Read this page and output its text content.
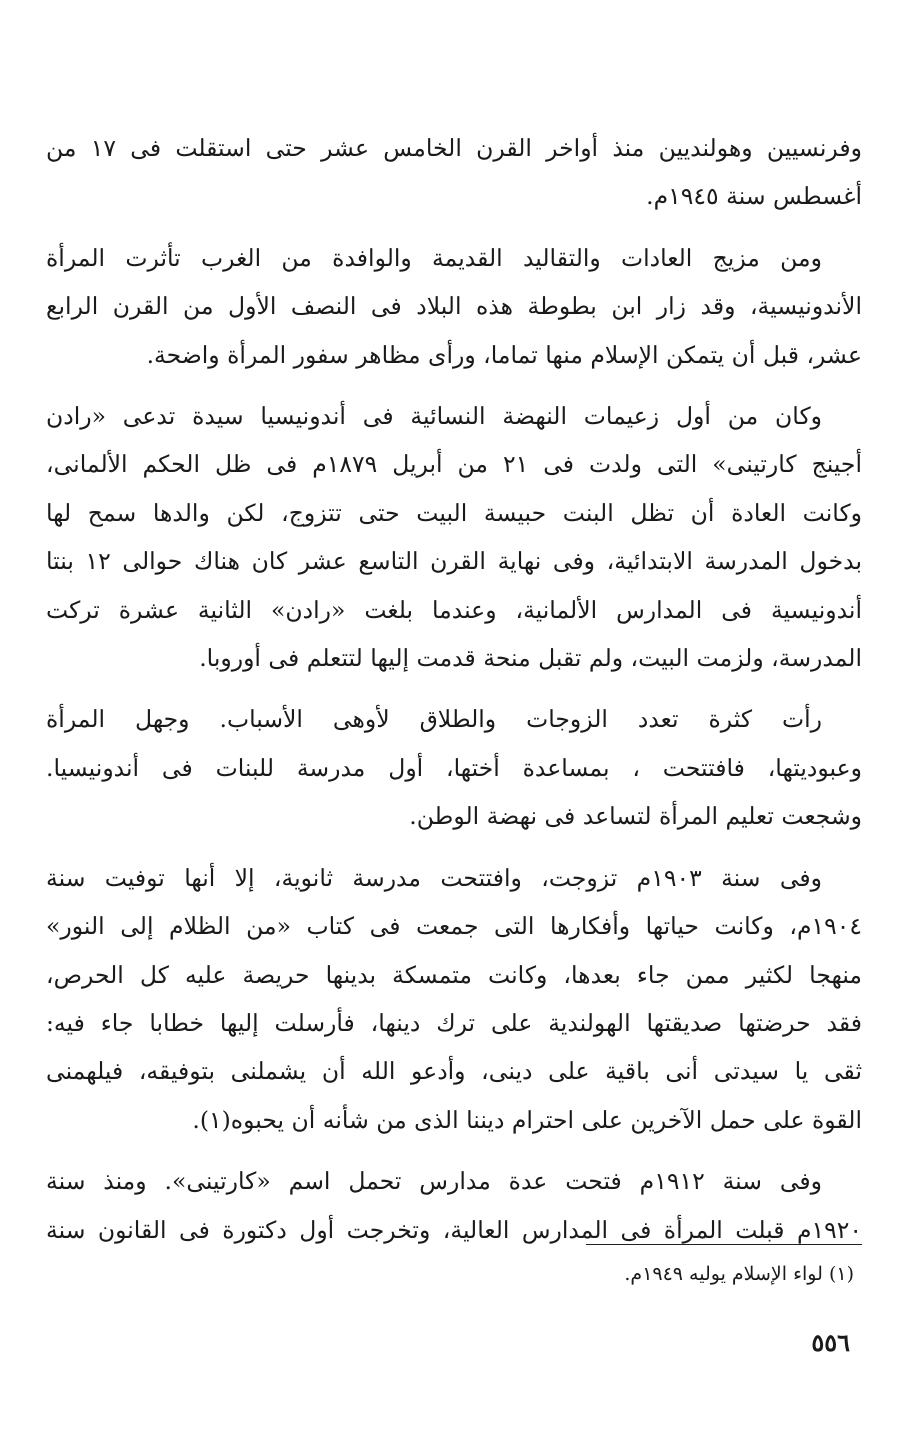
وفرنسيين وهولنديين منذ أواخر القرن الخامس عشر حتى استقلت فى ١٧ من
أغسطس سنة ١٩٤٥م.
ومن مزيج العادات والتقاليد القديمة والوافدة من الغرب تأثرت المرأة
الأندونيسية، وقد زار ابن بطوطة هذه البلاد فى النصف الأول من القرن الرابع
عشر، قبل أن يتمكن الإسلام منها تماما، ورأى مظاهر سفور المرأة واضحة.
وكان من أول زعيمات النهضة النسائية فى أندونيسيا سيدة تدعى «رادن
أجينج كارتينى» التى ولدت فى ٢١ من أبريل ١٨٧٩م فى ظل الحكم الألمانى،
وكانت العادة أن تظل البنت حبيسة البيت حتى تتزوج، لكن والدها سمح لها
بدخول المدرسة الابتدائية، وفى نهاية القرن التاسع عشر كان هناك حوالى ١٢ بنتا
أندونيسية فى المدارس الألمانية، وعندما بلغت «رادن» الثانية عشرة تركت
المدرسة، ولزمت البيت، ولم تقبل منحة قدمت إليها لتتعلم فى أوروبا.
رأت كثرة تعدد الزوجات والطلاق لأوهى الأسباب. وجهل المرأة
وعبوديتها، فافتتحت ، بمساعدة أختها، أول مدرسة للبنات فى أندونيسيا.
وشجعت تعليم المرأة لتساعد فى نهضة الوطن.
وفى سنة ١٩٠٣م تزوجت، وافتتحت مدرسة ثانوية، إلا أنها توفيت سنة
١٩٠٤م، وكانت حياتها وأفكارها التى جمعت فى كتاب «من الظلام إلى النور»
منهجا لكثير ممن جاء بعدها، وكانت متمسكة بدينها حريصة عليه كل الحرص،
فقد حرضتها صديقتها الهولندية على ترك دينها، فأرسلت إليها خطابا جاء فيه:
ثقى يا سيدتى أنى باقية على دينى، وأدعو الله أن يشملنى بتوفيقه، فيلهمنى
القوة على حمل الآخرين على احترام ديننا الذى من شأنه أن يحبوه(١).
وفى سنة ١٩١٢م فتحت عدة مدارس تحمل اسم «كارتينى». ومنذ سنة
١٩٢٠م قبلت المرأة فى المدارس العالية، وتخرجت أول دكتورة فى القانون سنة
(١) لواء الإسلام يوليه ١٩٤٩م.
٥٥٦
